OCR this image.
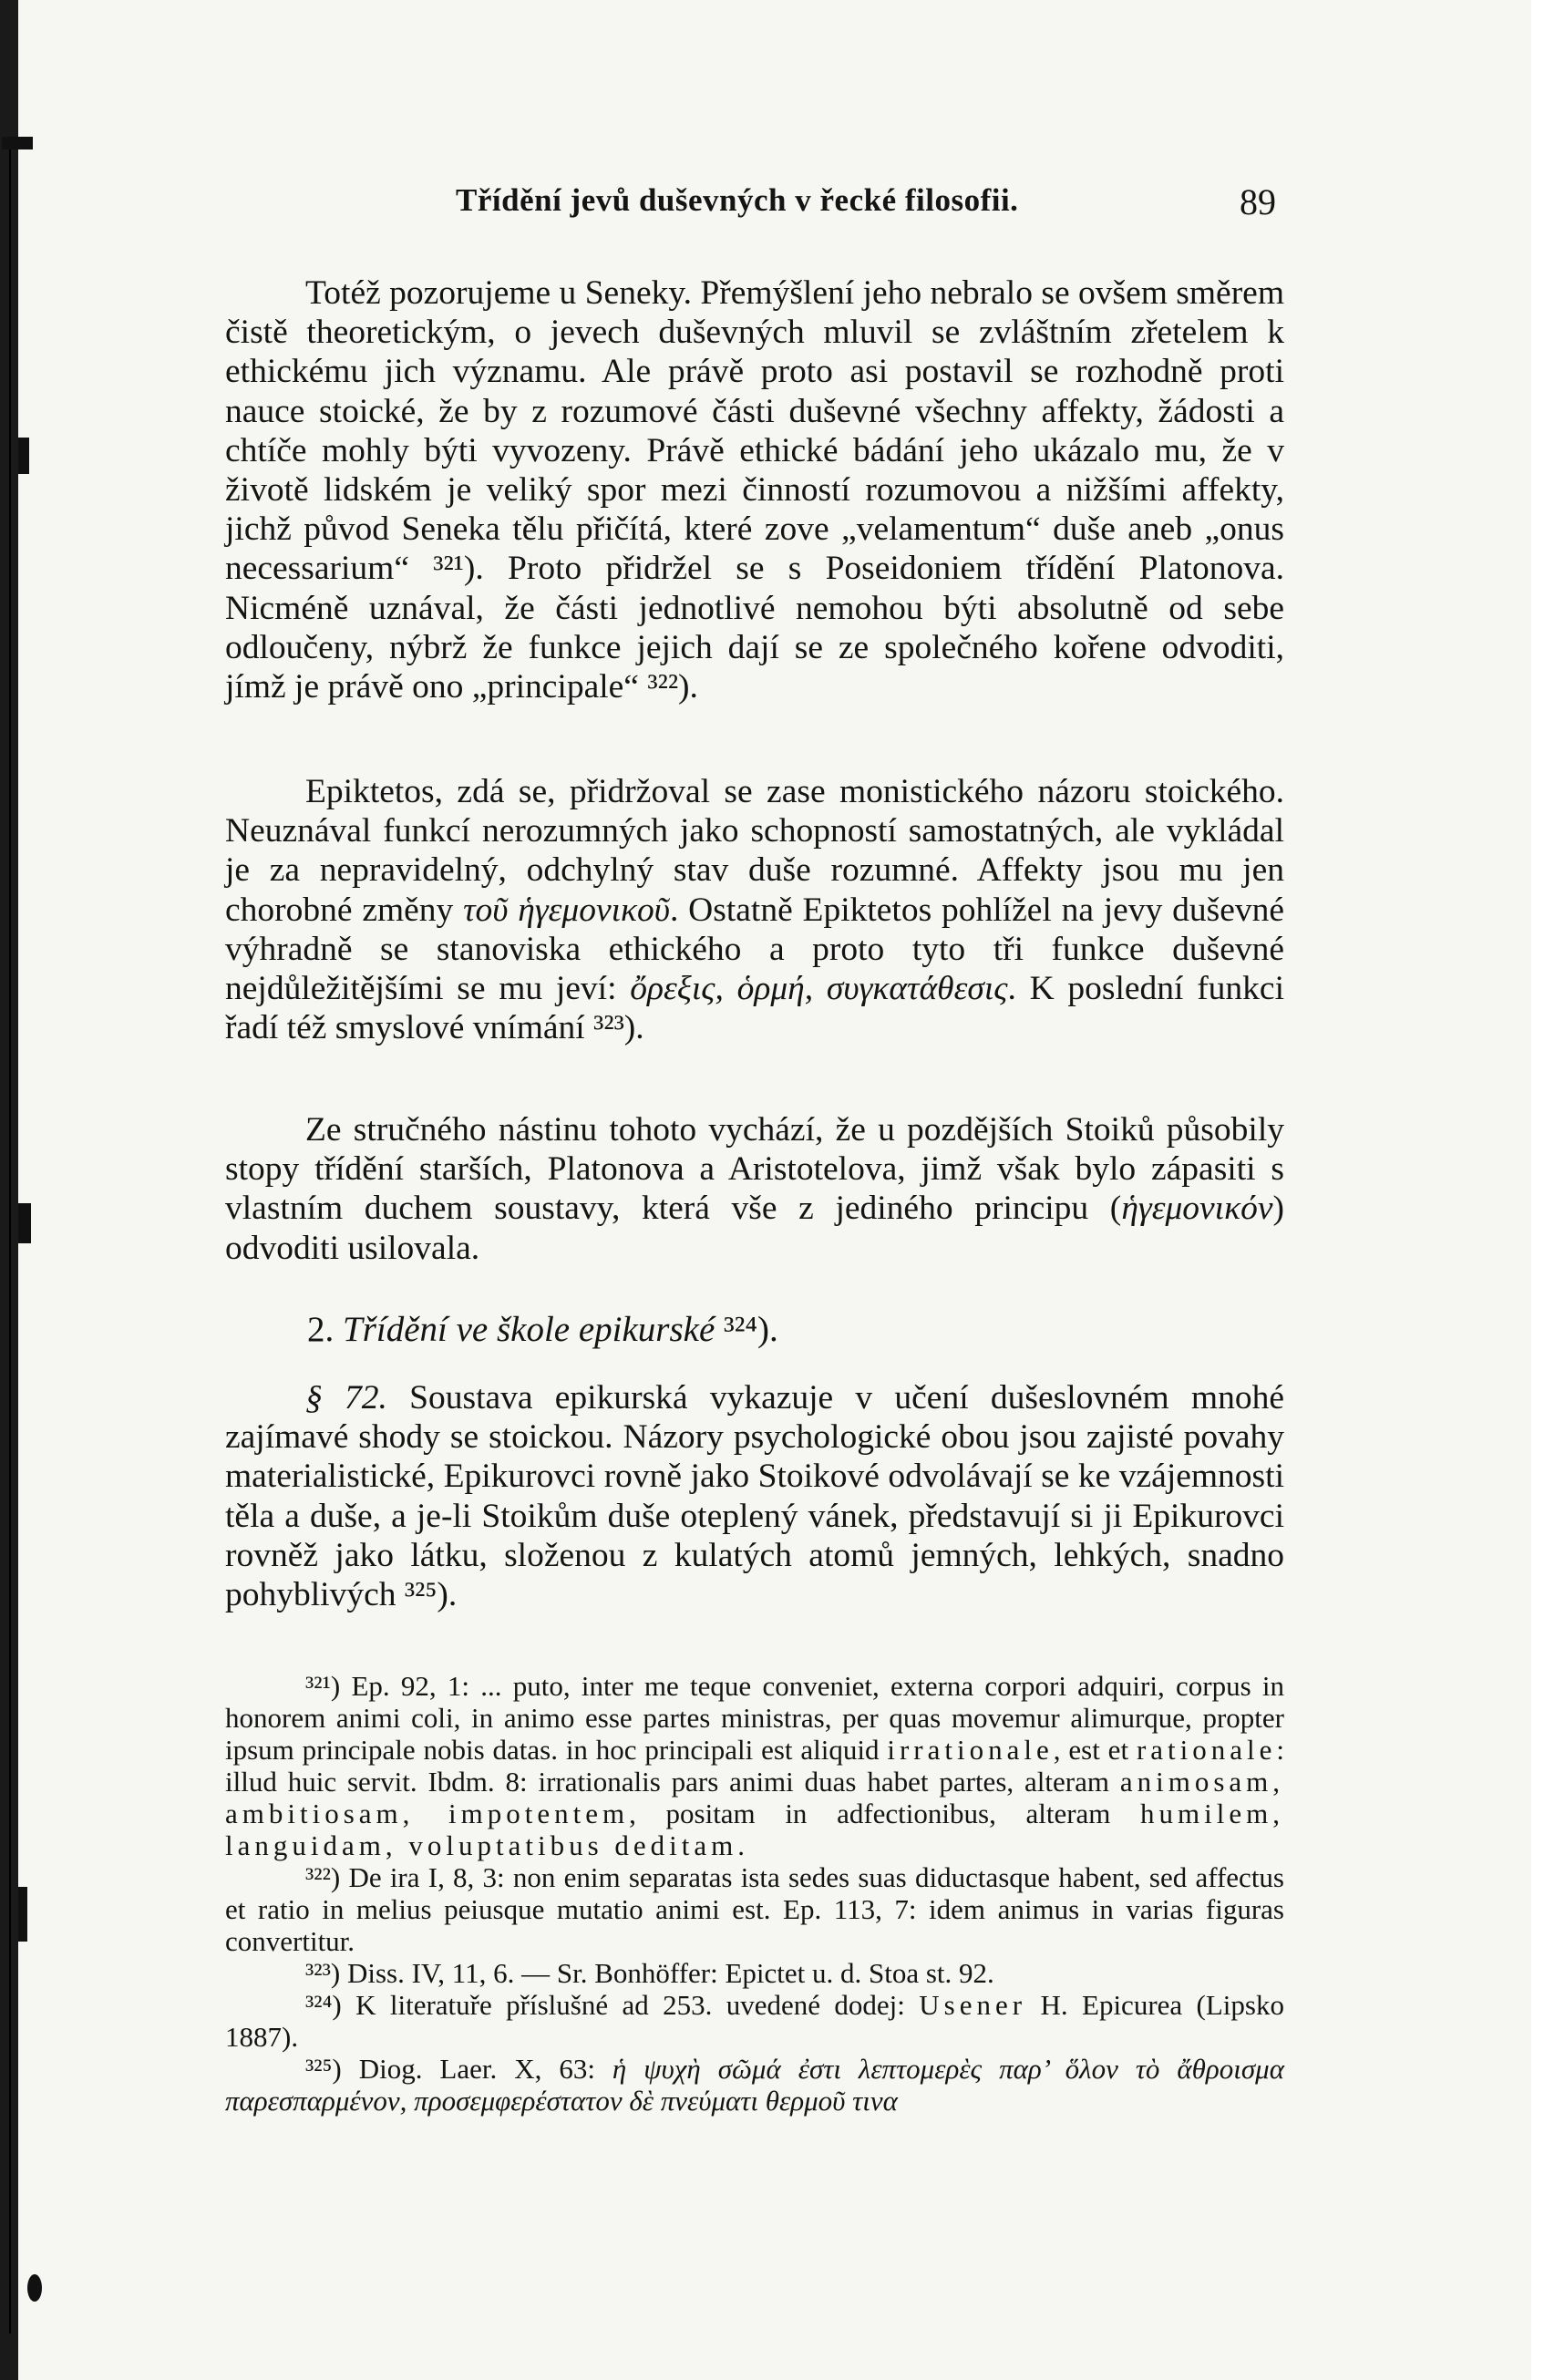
Třídění jevů duševných v řecké filosofii.	89

Totéž pozorujeme u Seneky. Přemýšlení jeho nebralo se ovšem směrem čistě theoretickým, o jevech duševných mluvil se zvláštním zřetelem k ethickému jich významu. Ale právě proto asi postavil se rozhodně proti nauce stoické, že by z rozumové části duševné všechny affekty, žádosti a chtíče mohly býti vyvozeny. Právě ethické bádání jeho ukázalo mu, že v životě lidském je veliký spor mezi činností rozumovou a nižšími affekty, jichž původ Seneka tělu přičítá, které zove „velamentum“ duše aneb „onus necessarium“ ³²¹). Proto přidržel se s Poseidoniem třídění Platonova. Nicméně uznával, že části jednotlivé nemohou býti absolutně od sebe odloučeny, nýbrž že funkce jejich dají se ze společného kořene odvoditi, jímž je právě ono „principale“ ³²²).

Epiktetos, zdá se, přidržoval se zase monistického názoru stoického. Neuznával funkcí nerozumných jako schopností samostatných, ale vykládal je za nepravidelný, odchylný stav duše rozumné. Affekty jsou mu jen chorobné změny τοῦ ἡγεμονικοῦ. Ostatně Epiktetos pohlížel na jevy duševné výhradně se stanoviska ethického a proto tyto tři funkce duševné nejdůležitějšími se mu jeví: ὄρεξις, ὁρμή, συγκατάθεσις. K poslední funkci řadí též smyslové vnímání ³²³).

Ze stručného nástinu tohoto vychází, že u pozdějších Stoiků působily stopy třídění starších, Platonova a Aristotelova, jimž však bylo zápasiti s vlastním duchem soustavy, která vše z jediného principu (ἡγεμονικόν) odvoditi usilovala.

2. Třídění ve škole epikurské ³²⁴).

§ 72. Soustava epikurská vykazuje v učení dušeslovném mnohé zajímavé shody se stoickou. Názory psychologické obou jsou zajisté povahy materialistické, Epikurovci rovně jako Stoikové odvolávají se ke vzájemnosti těla a duše, a je-li Stoikům duše oteplený vánek, představují si ji Epikurovci rovněž jako látku, složenou z kulatých atomů jemných, lehkých, snadno pohyblivých ³²⁵).

³²¹) Ep. 92, 1: ... puto, inter me teque conveniet, externa corpori adquiri, corpus in honorem animi coli, in animo esse partes ministras, per quas movemur alimurque, propter ipsum principale nobis datas. in hoc principali est aliquid irrationale, est et rationale: illud huic servit. Ibdm. 8: irrationalis pars animi duas habet partes, alteram animosam, ambitiosam, impotentem, positam in adfectionibus, alteram humilem, languidam, voluptatibus deditam.

³²²) De ira I, 8, 3: non enim separatas ista sedes suas diductasque habent, sed affectus et ratio in melius peiusque mutatio animi est. Ep. 113, 7: idem animus in varias figuras convertitur.

³²³) Diss. IV, 11, 6. — Sr. Bonhöffer: Epictet u. d. Stoa st. 92.

³²⁴) K literatuře příslušné ad 253. uvedené dodej: Usener H. Epicurea (Lipsko 1887).

³²⁵) Diog. Laer. X, 63: ἡ ψυχὴ σῶμά ἐστι λεπτομερὲς παρ’ ὅλον τὸ ἄθροισμα παρεσπαρμένον, προσεμφερέστατον δὲ πνεύματι θερμοῦ τινα
